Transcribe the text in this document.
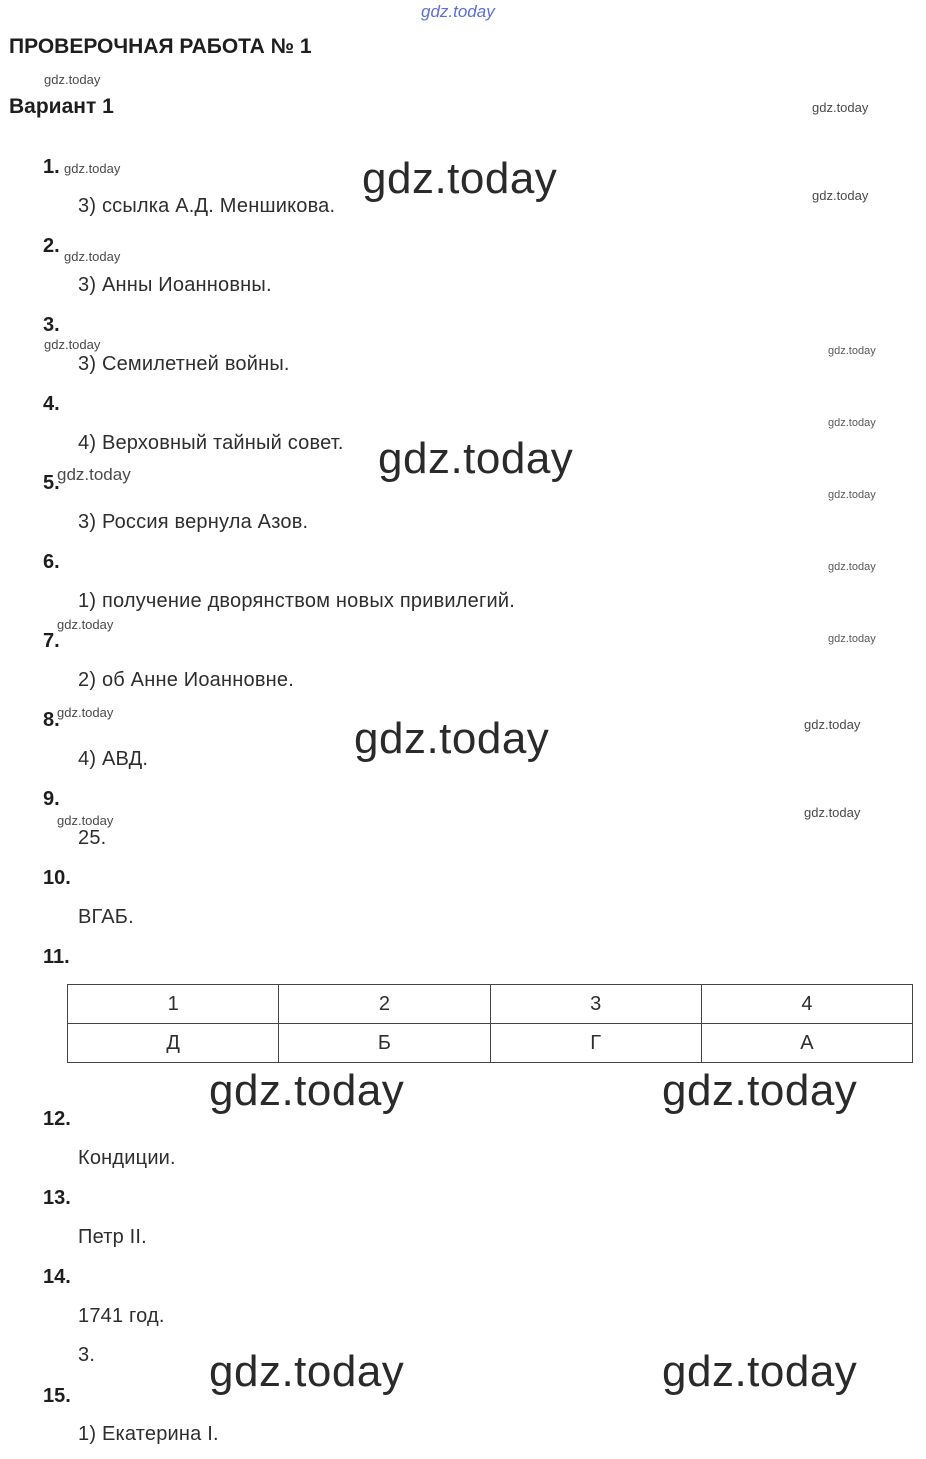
gdz.today
ПРОВЕРОЧНАЯ РАБОТА № 1
gdz.today
Вариант 1	gdz.today
1. gdz.today
3) ссылка А.Д. Меншикова.
gdz.today	gdz.today
2. gdz.today
3) Анны Иоанновны.
3.
gdz.today
3) Семилетней войны.
gdz.today
4.
gdz.today
4) Верховный тайный совет. gdz.today
5.
gdz.today
gdz.today
3) Россия вернула Азов.
6.	gdz.today
1) получение дворянством новых привилегий.
gdz.today
7.	gdz.today
2) об Анне Иоанновне.
8.
gdz.today
gdz.today
4) АВД.	gdz.today
9.
gdz.today
gdz.today
25.
10.
ВГАБ.
11.
1	2	3	4
Д	Б	Г	А
gdz.today	gdz.today
12.
Кондиции.
13.
Петр II.
14.
1741 год.
3.	gdz.today	gdz.today
15.
1) Екатерина I.
